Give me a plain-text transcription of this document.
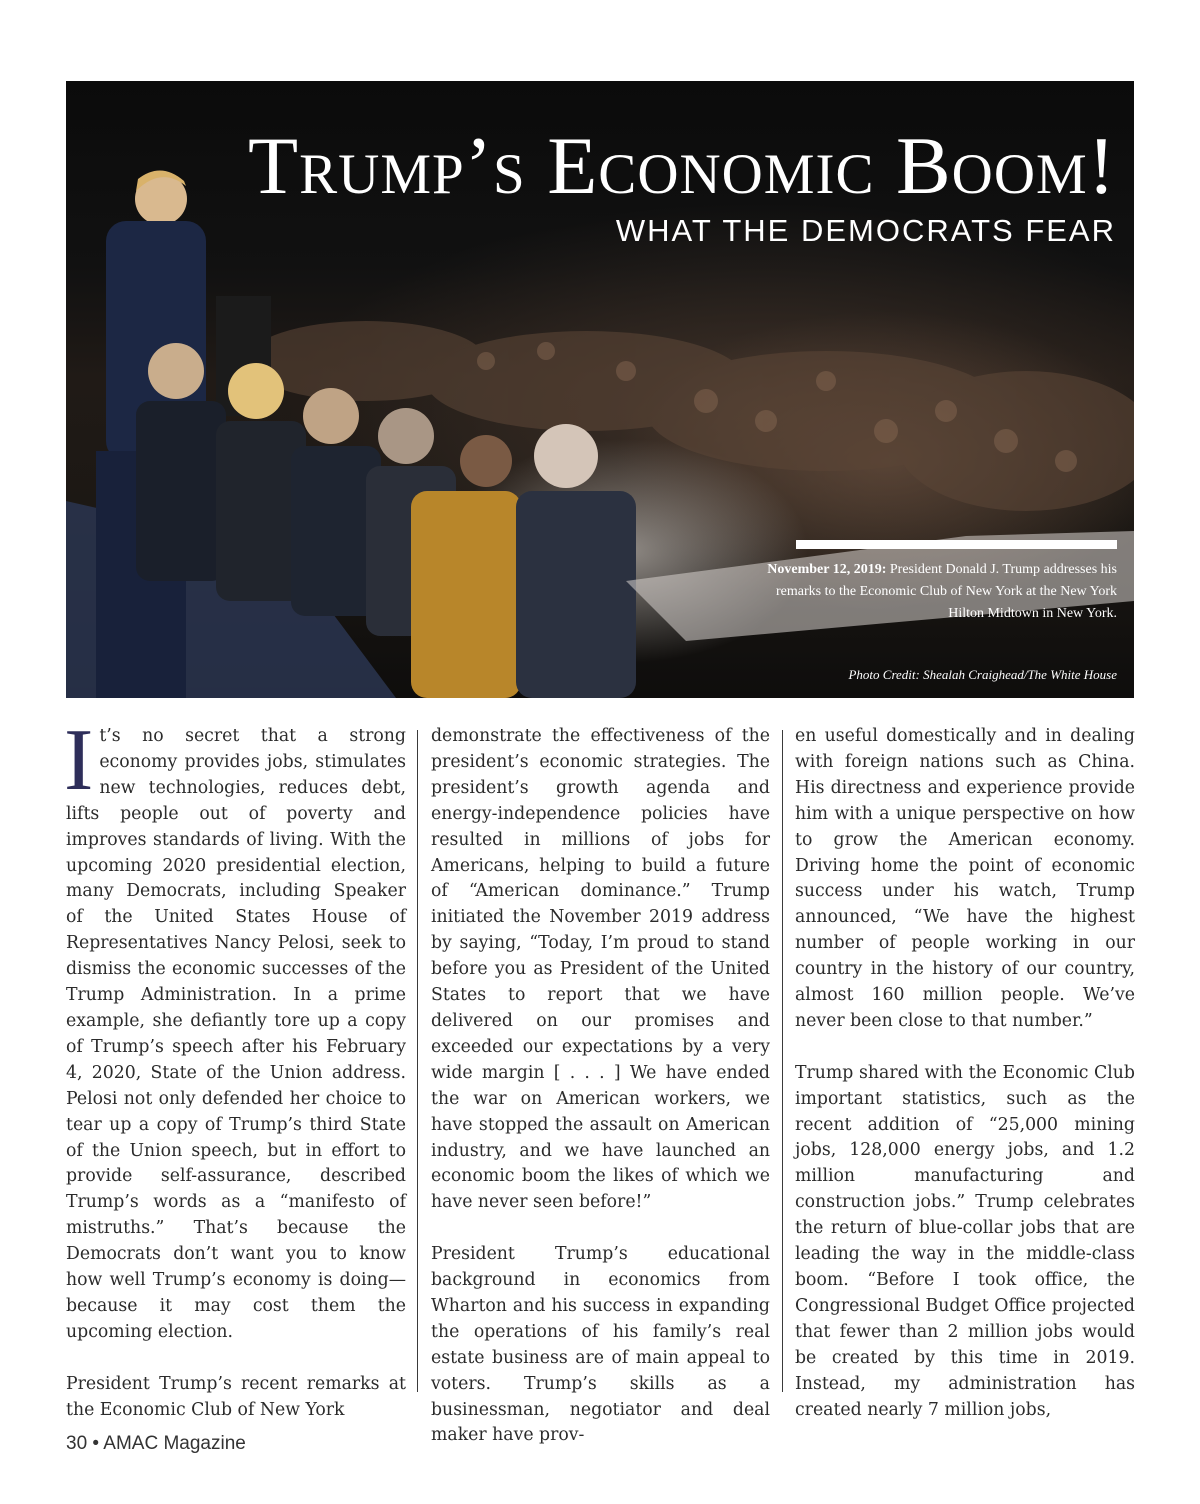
Trump’s Economic Boom!
WHAT THE DEMOCRATS FEAR
November 12, 2019: President Donald J. Trump addresses his remarks to the Economic Club of New York at the New York Hilton Midtown in New York.
Photo Credit: Shealah Craighead/The White House

It’s no secret that a strong economy provides jobs, stimulates new technologies, reduces debt, lifts people out of poverty and improves standards of living. With the upcoming 2020 presidential election, many Democrats, including Speaker of the United States House of Representatives Nancy Pelosi, seek to dismiss the economic successes of the Trump Administration. In a prime example, she defiantly tore up a copy of Trump’s speech after his February 4, 2020, State of the Union address. Pelosi not only defended her choice to tear up a copy of Trump’s third State of the Union speech, but in effort to provide self-assurance, described Trump’s words as a “manifesto of mistruths.” That’s because the Democrats don’t want you to know how well Trump’s economy is doing—because it may cost them the upcoming election.

President Trump’s recent remarks at the Economic Club of New York

demonstrate the effectiveness of the president’s economic strategies. The president’s growth agenda and energy-independence policies have resulted in millions of jobs for Americans, helping to build a future of “American dominance.” Trump initiated the November 2019 address by saying, “Today, I’m proud to stand before you as President of the United States to report that we have delivered on our promises and exceeded our expectations by a very wide margin [ . . . ] We have ended the war on American workers, we have stopped the assault on American industry, and we have launched an economic boom the likes of which we have never seen before!”

President Trump’s educational background in economics from Wharton and his success in expanding the operations of his family’s real estate business are of main appeal to voters. Trump’s skills as a businessman, negotiator and deal maker have prov-

en useful domestically and in dealing with foreign nations such as China. His directness and experience provide him with a unique perspective on how to grow the American economy. Driving home the point of economic success under his watch, Trump announced, “We have the highest number of people working in our country in the history of our country, almost 160 million people. We’ve never been close to that number.”

Trump shared with the Economic Club important statistics, such as the recent addition of “25,000 mining jobs, 128,000 energy jobs, and 1.2 million manufacturing and construction jobs.” Trump celebrates the return of blue-collar jobs that are leading the way in the middle-class boom. “Before I took office, the Congressional Budget Office projected that fewer than 2 million jobs would be created by this time in 2019. Instead, my administration has created nearly 7 million jobs,

30 • AMAC Magazine
